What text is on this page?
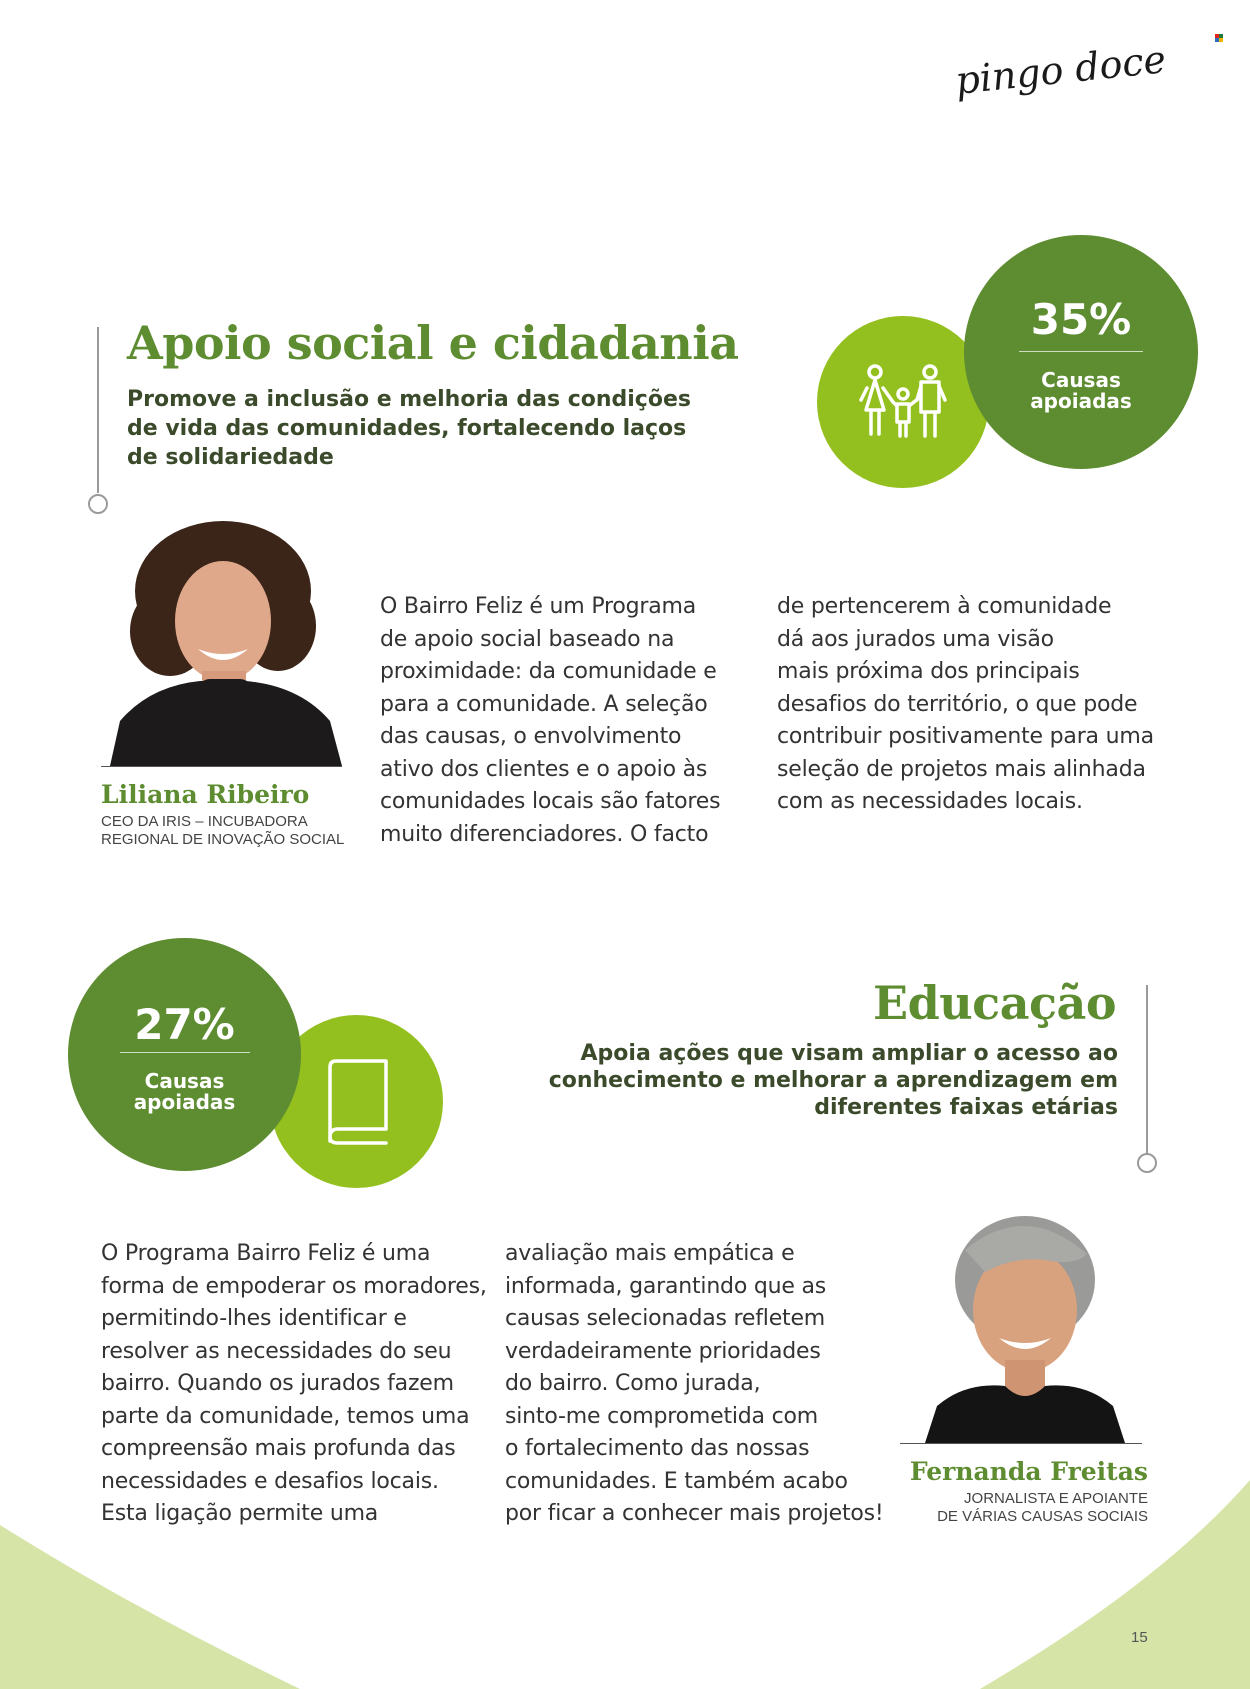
pingo doce
Apoio social e cidadania

Promove a inclusão e melhoria das condições

de vida das comunidades, fortalecendo laços

de solidariedade

35%
Causas
apoiadas
Liliana Ribeiro

CEO DA IRIS – INCUBADORA

REGIONAL DE INOVAÇÃO SOCIAL

O Bairro Feliz é um Programa

de apoio social baseado na

proximidade: da comunidade e

para a comunidade. A seleção

das causas, o envolvimento

ativo dos clientes e o apoio às

comunidades locais são fatores

muito diferenciadores. O facto

de pertencerem à comunidade

dá aos jurados uma visão

mais próxima dos principais

desafios do território, o que pode

contribuir positivamente para uma

seleção de projetos mais alinhada

com as necessidades locais.

27%
Causas
apoiadas
Educação

Apoia ações que visam ampliar o acesso ao

conhecimento e melhorar a aprendizagem em

diferentes faixas etárias

O Programa Bairro Feliz é uma

forma de empoderar os moradores,

permitindo-lhes identificar e

resolver as necessidades do seu

bairro. Quando os jurados fazem

parte da comunidade, temos uma

compreensão mais profunda das

necessidades e desafios locais.

Esta ligação permite uma

avaliação mais empática e

informada, garantindo que as

causas selecionadas refletem

verdadeiramente prioridades

do bairro. Como jurada,

sinto-me comprometida com

o fortalecimento das nossas

comunidades. E também acabo

por ficar a conhecer mais projetos!

Fernanda Freitas

JORNALISTA E APOIANTE

DE VÁRIAS CAUSAS SOCIAIS

15
